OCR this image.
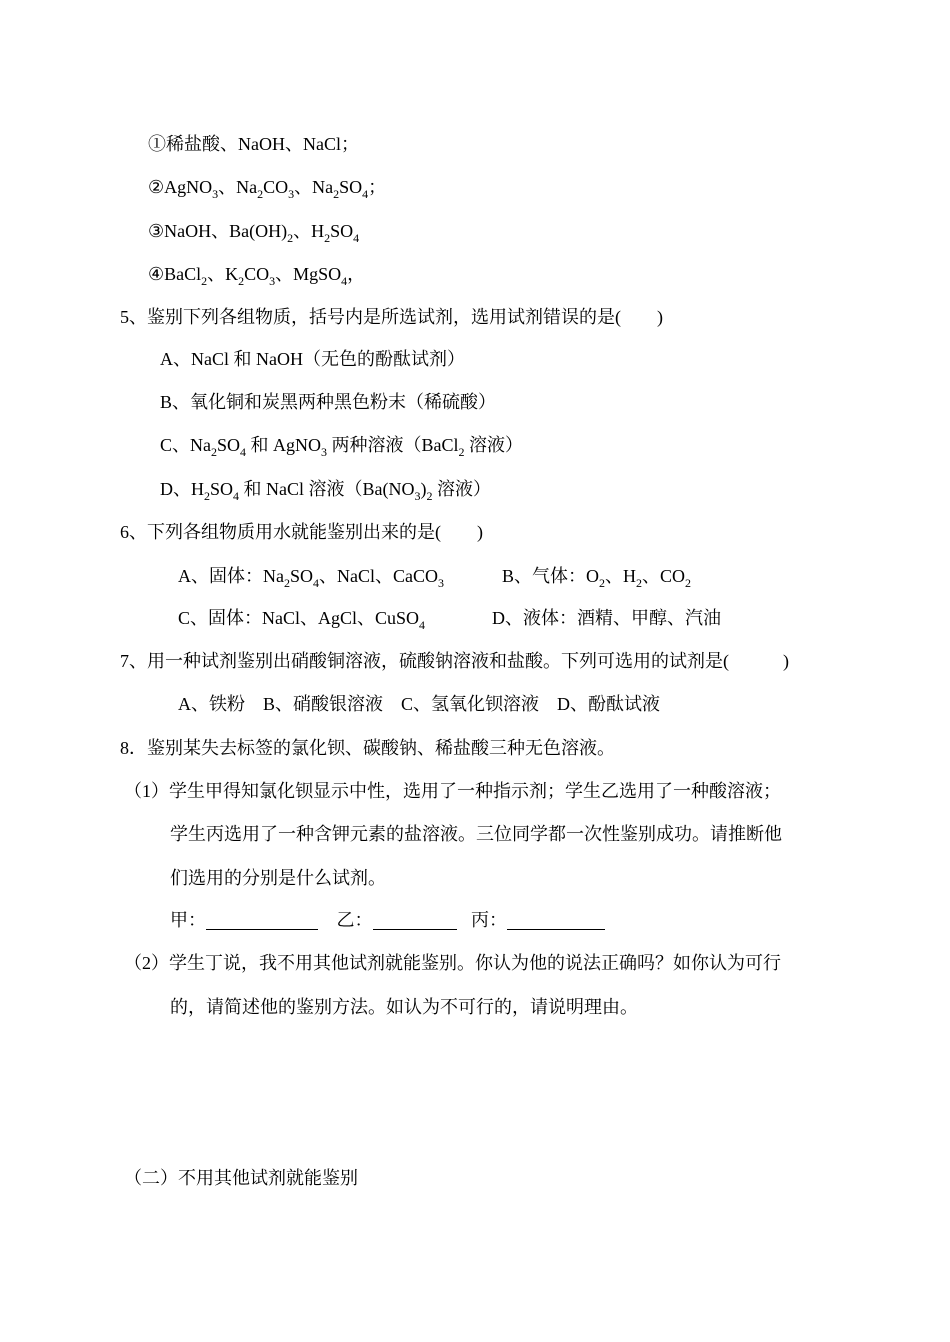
①稀盐酸、NaOH、NaCl；
②AgNO$_3$、$Na_2CO_3$、$Na_2SO_4$；
③NaOH、$Ba(OH)_2$、$H_2SO_4$
④BaCl$_2$、$K_2CO_3$、MgSO$_4$，
5、鉴别下列各组物质，括号内是所选试剂，选用试剂错误的是(　　)
A、NaCl 和 NaOH（无色的酚酞试剂）
B、氧化铜和炭黑两种黑色粉末（稀硫酸）
C、$Na_2SO_4$ 和 AgNO$_3$ 两种溶液（BaCl$_2$ 溶液）
D、$H_2SO_4$ 和 NaCl 溶液（$Ba(NO_3)_2$ 溶液）
6、下列各组物质用水就能鉴别出来的是(　　)
A、固体：$Na_2SO_4$、NaCl、CaCO$_3$	B、气体：$O_2$、$H_2$、$CO_2$
C、固体：NaCl、AgCl、CuSO$_4$	D、液体：酒精、甲醇、汽油
7、用一种试剂鉴别出硝酸铜溶液，硫酸钠溶液和盐酸。下列可选用的试剂是(　　　)
A、铁粉　B、硝酸银溶液　C、氢氧化钡溶液　D、酚酞试液
8．鉴别某失去标签的氯化钡、碳酸钠、稀盐酸三种无色溶液。
（1）学生甲得知氯化钡显示中性，选用了一种指示剂；学生乙选用了一种酸溶液；
学生丙选用了一种含钾元素的盐溶液。三位同学都一次性鉴别成功。请推断他
们选用的分别是什么试剂。
甲：	乙：	丙：
（2）学生丁说，我不用其他试剂就能鉴别。你认为他的说法正确吗？如你认为可行
的，请简述他的鉴别方法。如认为不可行的，请说明理由。
（二）不用其他试剂就能鉴别
